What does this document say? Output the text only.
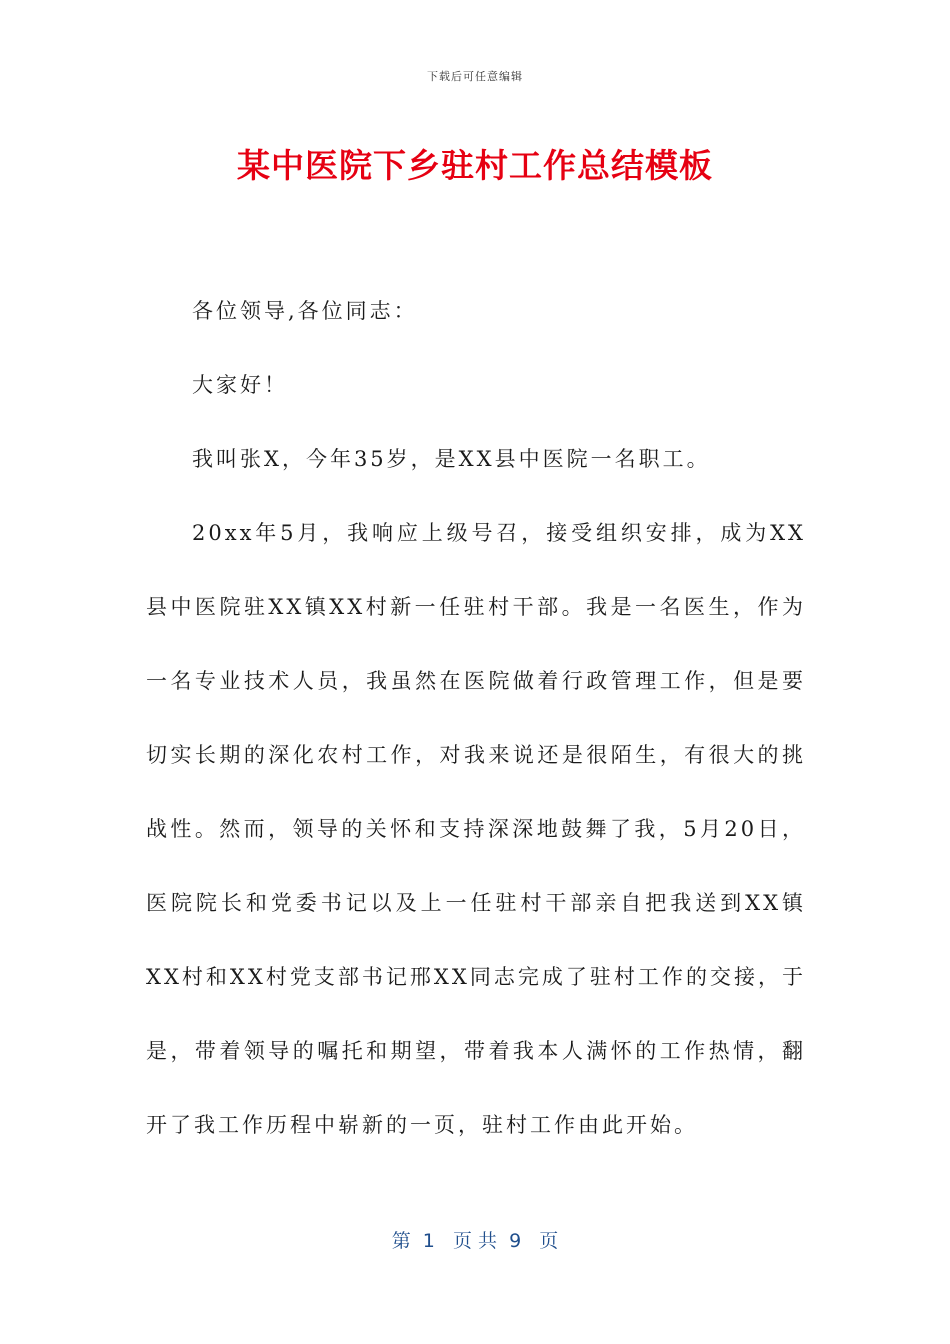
下载后可任意编辑
某中医院下乡驻村工作总结模板

各位领导,各位同志：

大家好！

我叫张X，今年35岁，是XX县中医院一名职工。

20xx年5月，我响应上级号召，接受组织安排，成为XX县中医院驻XX镇XX村新一任驻村干部。我是一名医生，作为一名专业技术人员，我虽然在医院做着行政管理工作，但是要切实长期的深化农村工作，对我来说还是很陌生，有很大的挑战性。然而，领导的关怀和支持深深地鼓舞了我，5月20日，医院院长和党委书记以及上一任驻村干部亲自把我送到XX镇XX村和XX村党支部书记邢XX同志完成了驻村工作的交接，于是，带着领导的嘱托和期望，带着我本人满怀的工作热情，翻开了我工作历程中崭新的一页，驻村工作由此开始。

第  1   页 共  9   页
